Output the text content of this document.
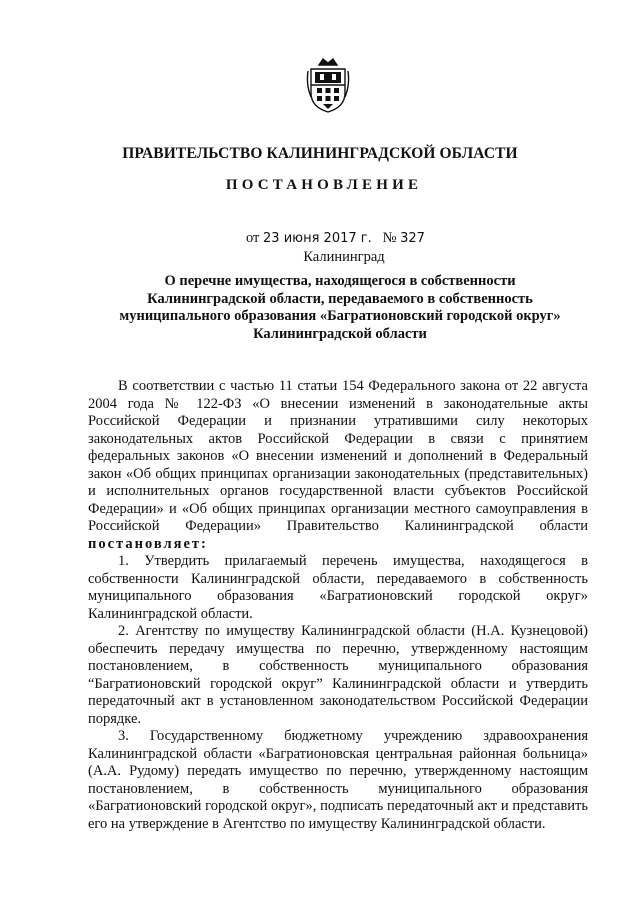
ПРАВИТЕЛЬСТВО КАЛИНИНГРАДСКОЙ ОБЛАСТИ
ПОСТАНОВЛЕНИЕ
от 23 июня 2017 г. № 327
Калининград
О перечне имущества, находящегося в собственности
Калининградской области, передаваемого в собственность
муниципального образования «Багратионовский городской округ»
Калининградской области

В соответствии с частью 11 статьи 154 Федерального закона от 22 августа 2004 года № 122-ФЗ «О внесении изменений в законодательные акты Российской Федерации и признании утратившими силу некоторых законодательных актов Российской Федерации в связи с принятием федеральных законов «О внесении изменений и дополнений в Федеральный закон «Об общих принципах организации законодательных (представительных) и исполнительных органов государственной власти субъектов Российской Федерации» и «Об общих принципах организации местного самоуправления в Российской Федерации» Правительство Калининградской области постановляет:

1. Утвердить прилагаемый перечень имущества, находящегося в собственности Калининградской области, передаваемого в собственность муниципального образования «Багратионовский городской округ» Калининградской области.

2. Агентству по имуществу Калининградской области (Н.А. Кузнецовой) обеспечить передачу имущества по перечню, утвержденному настоящим постановлением, в собственность муниципального образования “Багратионовский городской округ” Калининградской области и утвердить передаточный акт в установленном законодательством Российской Федерации порядке.

3. Государственному бюджетному учреждению здравоохранения Калининградской области «Багратионовская центральная районная больница» (А.А. Рудому) передать имущество по перечню, утвержденному настоящим постановлением, в собственность муниципального образования «Багратионовский городской округ», подписать передаточный акт и представить его на утверждение в Агентство по имуществу Калининградской области.
